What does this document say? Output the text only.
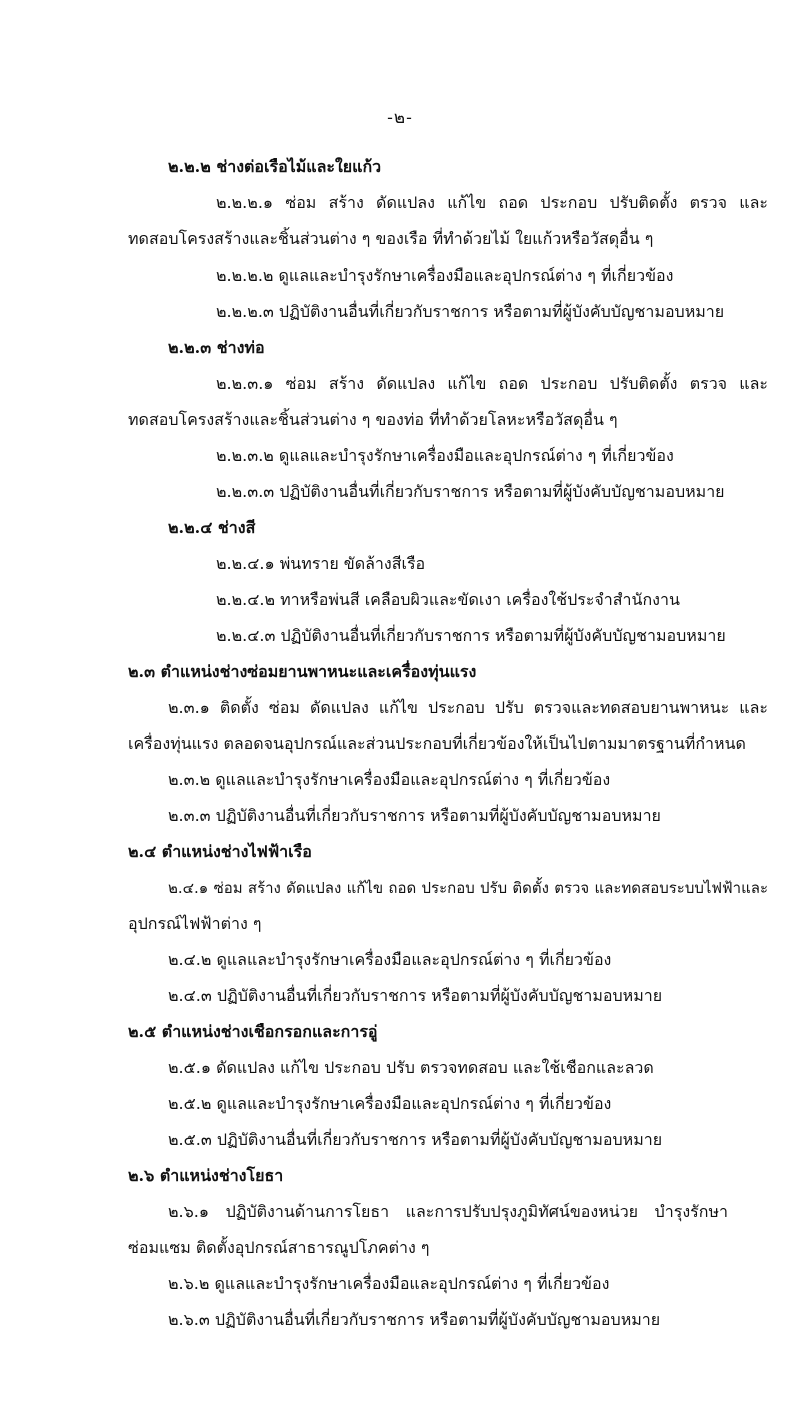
-๒-
๒.๒.๒ ช่างต่อเรือไม้และใยแก้ว
๒.๒.๒.๑ ซ่อม สร้าง ดัดแปลง แก้ไข ถอด ประกอบ ปรับติดตั้ง ตรวจ และ
ทดสอบโครงสร้างและชิ้นส่วนต่าง ๆ ของเรือ ที่ทำด้วยไม้ ใยแก้วหรือวัสดุอื่น ๆ
๒.๒.๒.๒ ดูแลและบำรุงรักษาเครื่องมือและอุปกรณ์ต่าง ๆ ที่เกี่ยวข้อง
๒.๒.๒.๓ ปฏิบัติงานอื่นที่เกี่ยวกับราชการ หรือตามที่ผู้บังคับบัญชามอบหมาย
๒.๒.๓ ช่างท่อ
๒.๒.๓.๑ ซ่อม สร้าง ดัดแปลง แก้ไข ถอด ประกอบ ปรับติดตั้ง ตรวจ และ
ทดสอบโครงสร้างและชิ้นส่วนต่าง ๆ ของท่อ ที่ทำด้วยโลหะหรือวัสดุอื่น ๆ
๒.๒.๓.๒ ดูแลและบำรุงรักษาเครื่องมือและอุปกรณ์ต่าง ๆ ที่เกี่ยวข้อง
๒.๒.๓.๓ ปฏิบัติงานอื่นที่เกี่ยวกับราชการ หรือตามที่ผู้บังคับบัญชามอบหมาย
๒.๒.๔ ช่างสี
๒.๒.๔.๑ พ่นทราย ขัดล้างสีเรือ
๒.๒.๔.๒ ทาหรือพ่นสี เคลือบผิวและขัดเงา เครื่องใช้ประจำสำนักงาน
๒.๒.๔.๓ ปฏิบัติงานอื่นที่เกี่ยวกับราชการ หรือตามที่ผู้บังคับบัญชามอบหมาย
๒.๓ ตำแหน่งช่างซ่อมยานพาหนะและเครื่องทุ่นแรง
๒.๓.๑ ติดตั้ง ซ่อม ดัดแปลง แก้ไข ประกอบ ปรับ ตรวจและทดสอบยานพาหนะ และ
เครื่องทุ่นแรง ตลอดจนอุปกรณ์และส่วนประกอบที่เกี่ยวข้องให้เป็นไปตามมาตรฐานที่กำหนด
๒.๓.๒ ดูแลและบำรุงรักษาเครื่องมือและอุปกรณ์ต่าง ๆ ที่เกี่ยวข้อง
๒.๓.๓ ปฏิบัติงานอื่นที่เกี่ยวกับราชการ หรือตามที่ผู้บังคับบัญชามอบหมาย
๒.๔ ตำแหน่งช่างไฟฟ้าเรือ
๒.๔.๑ ซ่อม สร้าง ดัดแปลง แก้ไข ถอด ประกอบ ปรับ ติดตั้ง ตรวจ และทดสอบระบบไฟฟ้าและ
อุปกรณ์ไฟฟ้าต่าง ๆ
๒.๔.๒ ดูแลและบำรุงรักษาเครื่องมือและอุปกรณ์ต่าง ๆ ที่เกี่ยวข้อง
๒.๔.๓ ปฏิบัติงานอื่นที่เกี่ยวกับราชการ หรือตามที่ผู้บังคับบัญชามอบหมาย
๒.๕ ตำแหน่งช่างเชือกรอกและการอู่
๒.๕.๑ ดัดแปลง แก้ไข ประกอบ ปรับ ตรวจทดสอบ และใช้เชือกและลวด
๒.๕.๒ ดูแลและบำรุงรักษาเครื่องมือและอุปกรณ์ต่าง ๆ ที่เกี่ยวข้อง
๒.๕.๓ ปฏิบัติงานอื่นที่เกี่ยวกับราชการ หรือตามที่ผู้บังคับบัญชามอบหมาย
๒.๖ ตำแหน่งช่างโยธา
๒.๖.๑ ปฏิบัติงานด้านการโยธา และการปรับปรุงภูมิทัศน์ของหน่วย บำรุงรักษา
ซ่อมแซม ติดตั้งอุปกรณ์สาธารณูปโภคต่าง ๆ
๒.๖.๒ ดูแลและบำรุงรักษาเครื่องมือและอุปกรณ์ต่าง ๆ ที่เกี่ยวข้อง
๒.๖.๓ ปฏิบัติงานอื่นที่เกี่ยวกับราชการ หรือตามที่ผู้บังคับบัญชามอบหมาย
